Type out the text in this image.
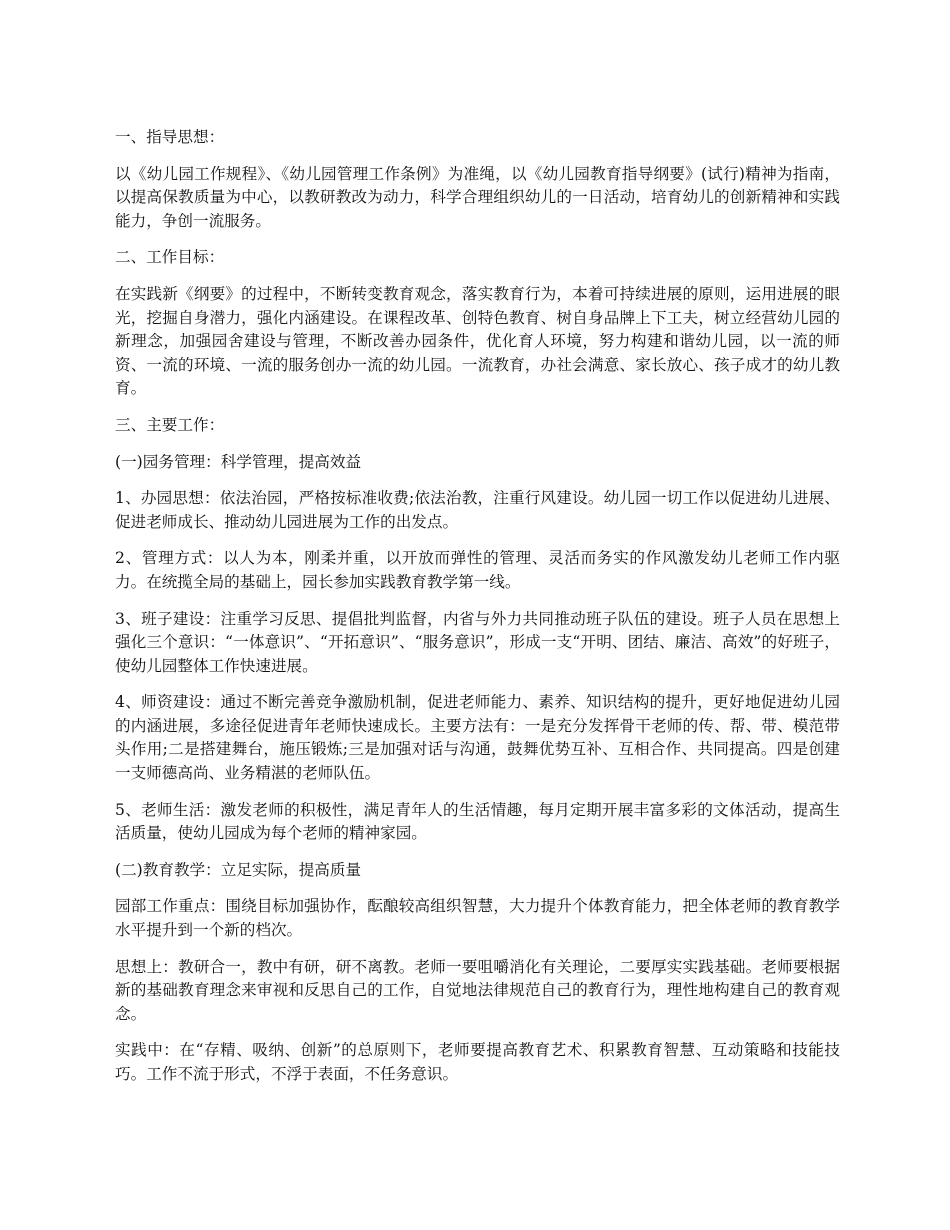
一、指导思想：

以《幼儿园工作规程》、《幼儿园管理工作条例》为准绳，以《幼儿园教育指导纲要》(试行)精神为指南，以提高保教质量为中心，以教研教改为动力，科学合理组织幼儿的一日活动，培育幼儿的创新精神和实践能力，争创一流服务。

二、工作目标：

在实践新《纲要》的过程中，不断转变教育观念，落实教育行为，本着可持续进展的原则，运用进展的眼光，挖掘自身潜力，强化内涵建设。在课程改革、创特色教育、树自身品牌上下工夫，树立经营幼儿园的新理念，加强园舍建设与管理，不断改善办园条件，优化育人环境，努力构建和谐幼儿园，以一流的师资、一流的环境、一流的服务创办一流的幼儿园。一流教育，办社会满意、家长放心、孩子成才的幼儿教育。

三、主要工作：

(一)园务管理：科学管理，提高效益

1、办园思想：依法治园，严格按标准收费;依法治教，注重行风建设。幼儿园一切工作以促进幼儿进展、促进老师成长、推动幼儿园进展为工作的出发点。

2、管理方式：以人为本，刚柔并重，以开放而弹性的管理、灵活而务实的作风激发幼儿老师工作内驱力。在统揽全局的基础上，园长参加实践教育教学第一线。

3、班子建设：注重学习反思、提倡批判监督，内省与外力共同推动班子队伍的建设。班子人员在思想上强化三个意识：“一体意识”、“开拓意识”、“服务意识”，形成一支“开明、团结、廉洁、高效”的好班子，使幼儿园整体工作快速进展。

4、师资建设：通过不断完善竞争激励机制，促进老师能力、素养、知识结构的提升，更好地促进幼儿园的内涵进展，多途径促进青年老师快速成长。主要方法有：一是充分发挥骨干老师的传、帮、带、模范带头作用;二是搭建舞台，施压锻炼;三是加强对话与沟通，鼓舞优势互补、互相合作、共同提高。四是创建一支师德高尚、业务精湛的老师队伍。

5、老师生活：激发老师的积极性，满足青年人的生活情趣，每月定期开展丰富多彩的文体活动，提高生活质量，使幼儿园成为每个老师的精神家园。

(二)教育教学：立足实际，提高质量

园部工作重点：围绕目标加强协作，酝酿较高组织智慧，大力提升个体教育能力，把全体老师的教育教学水平提升到一个新的档次。

思想上：教研合一，教中有研，研不离教。老师一要咀嚼消化有关理论，二要厚实实践基础。老师要根据新的基础教育理念来审视和反思自己的工作，自觉地法律规范自己的教育行为，理性地构建自己的教育观念。

实践中：在“存精、吸纳、创新”的总原则下，老师要提高教育艺术、积累教育智慧、互动策略和技能技巧。工作不流于形式，不浮于表面，不任务意识。
